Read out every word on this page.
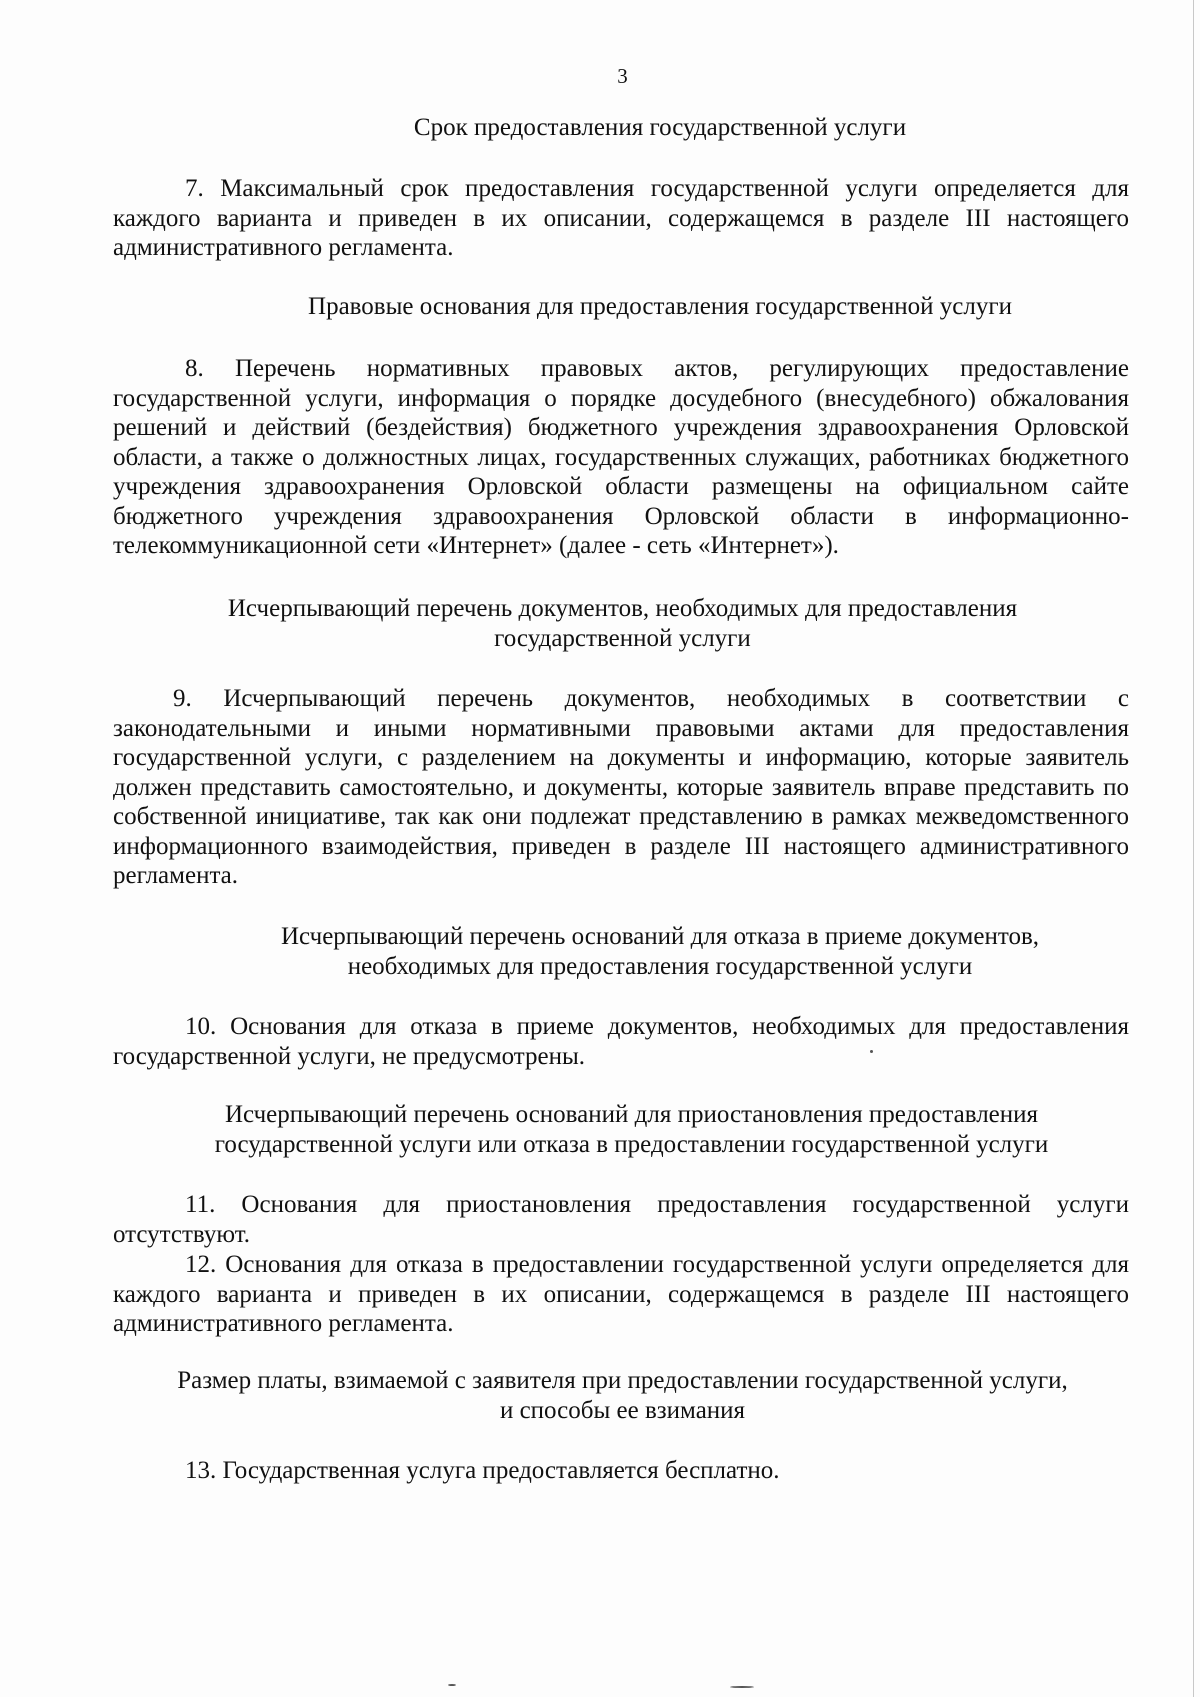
3
Срок предоставления государственной услуги
7. Максимальный срок предоставления государственной услуги определяется для каждого варианта и приведен в их описании, содержащемся в разделе III настоящего административного регламента.
Правовые основания для предоставления государственной услуги
8. Перечень нормативных правовых актов, регулирующих предоставление государственной услуги, информация о порядке досудебного (внесудебного) обжалования решений и действий (бездействия) бюджетного учреждения здравоохранения Орловской области, а также о должностных лицах, государственных служащих, работниках бюджетного учреждения здравоохранения Орловской области размещены на официальном сайте бюджетного учреждения здравоохранения Орловской области в информационно-телекоммуникационной сети «Интернет» (далее - сеть «Интернет»).
Исчерпывающий перечень документов, необходимых для предоставления
государственной услуги
9. Исчерпывающий перечень документов, необходимых в соответствии с законодательными и иными нормативными правовыми актами для предоставления государственной услуги, с разделением на документы и информацию, которые заявитель должен представить самостоятельно, и документы, которые заявитель вправе представить по собственной инициативе, так как они подлежат представлению в рамках межведомственного информационного взаимодействия, приведен в разделе III настоящего административного регламента.
Исчерпывающий перечень оснований для отказа в приеме документов,
необходимых для предоставления государственной услуги
10. Основания для отказа в приеме документов, необходимых для предоставления государственной услуги, не предусмотрены.
Исчерпывающий перечень оснований для приостановления предоставления
государственной услуги или отказа в предоставлении государственной услуги
11. Основания для приостановления предоставления государственной услуги отсутствуют.
12. Основания для отказа в предоставлении государственной услуги определяется для каждого варианта и приведен в их описании, содержащемся в разделе III настоящего административного регламента.
Размер платы, взимаемой с заявителя при предоставлении государственной услуги,
и способы ее взимания
13. Государственная услуга предоставляется бесплатно.
